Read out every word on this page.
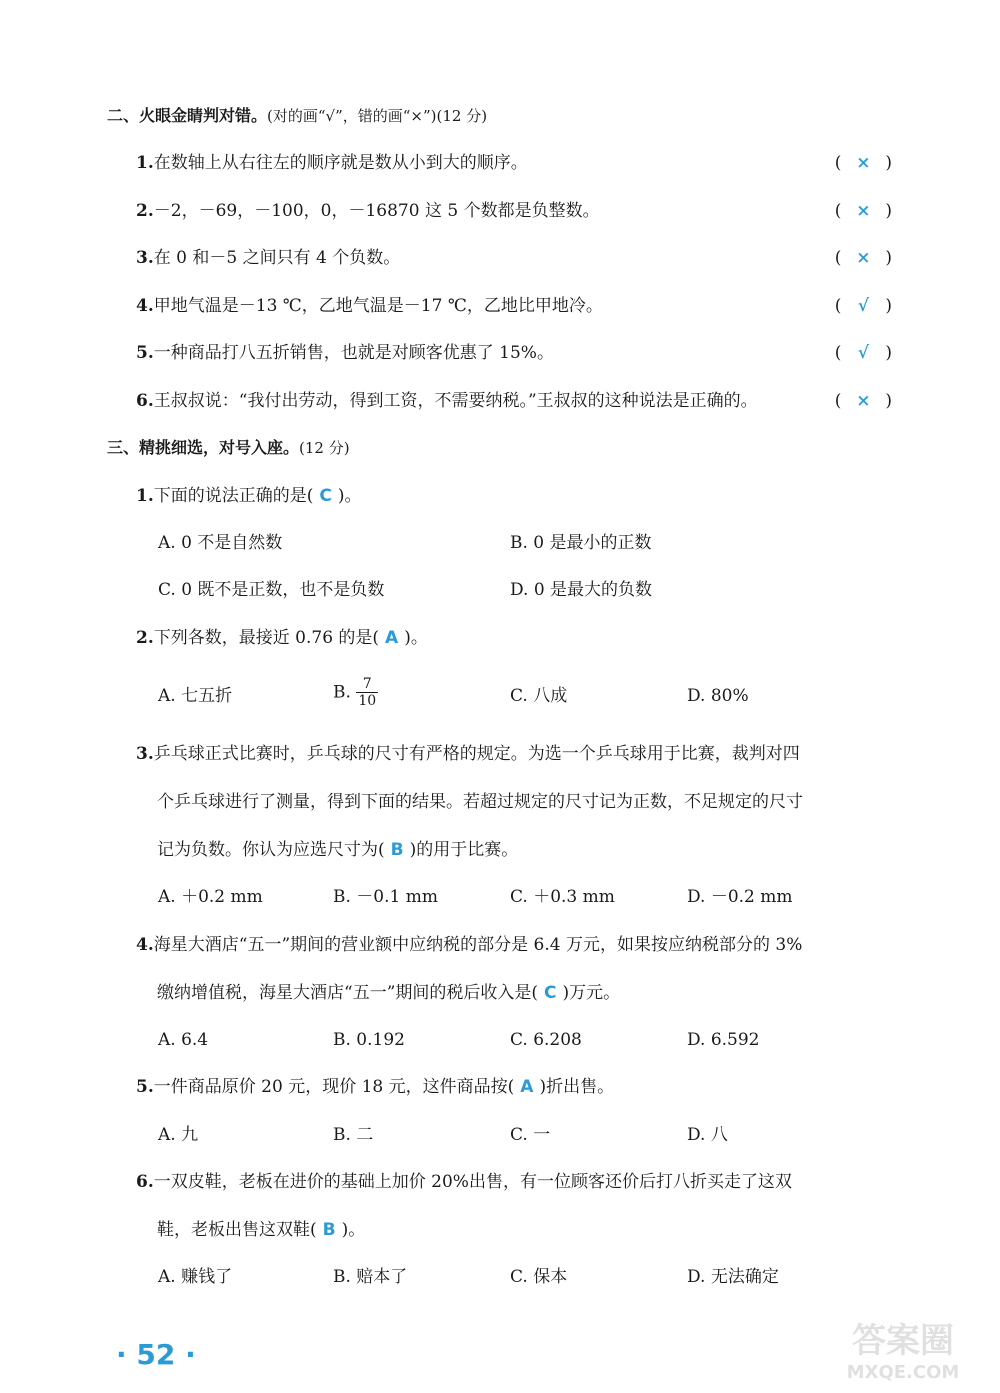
二、火眼金睛判对错。(对的画“√”，错的画“×”)(12 分)
1.在数轴上从右往左的顺序就是数从小到大的顺序。	( × )
2.－2，－69，－100，0，－16870 这 5 个数都是负整数。	( × )
3.在 0 和－5 之间只有 4 个负数。	( × )
4.甲地气温是－13 ℃，乙地气温是－17 ℃，乙地比甲地冷。	( √ )
5.一种商品打八五折销售，也就是对顾客优惠了 15%。	( √ )
6.王叔叔说：“我付出劳动，得到工资，不需要纳税。”王叔叔的这种说法是正确的。	( × )
三、精挑细选，对号入座。(12 分)
1.下面的说法正确的是( C )。
A. 0 不是自然数	B. 0 是最小的正数
C. 0 既不是正数，也不是负数	D. 0 是最大的负数
2.下列各数，最接近 0.76 的是( A )。
A. 七五折	B. $\frac{7}{10}$	C. 八成	D. 80%
3.乒乓球正式比赛时，乒乓球的尺寸有严格的规定。为选一个乒乓球用于比赛，裁判对四
个乒乓球进行了测量，得到下面的结果。若超过规定的尺寸记为正数，不足规定的尺寸
记为负数。你认为应选尺寸为( B )的用于比赛。
A. ＋0.2 mm	B. －0.1 mm	C. ＋0.3 mm	D. －0.2 mm
4.海星大酒店“五一”期间的营业额中应纳税的部分是 6.4 万元，如果按应纳税部分的 3%
缴纳增值税，海星大酒店“五一”期间的税后收入是( C )万元。
A. 6.4	B. 0.192	C. 6.208	D. 6.592
5.一件商品原价 20 元，现价 18 元，这件商品按( A )折出售。
A. 九	B. 二	C. 一	D. 八
6.一双皮鞋，老板在进价的基础上加价 20%出售，有一位顾客还价后打八折买走了这双
鞋，老板出售这双鞋( B )。
A. 赚钱了	B. 赔本了	C. 保本	D. 无法确定
· 52 ·	答案圈
MXQE.COM
